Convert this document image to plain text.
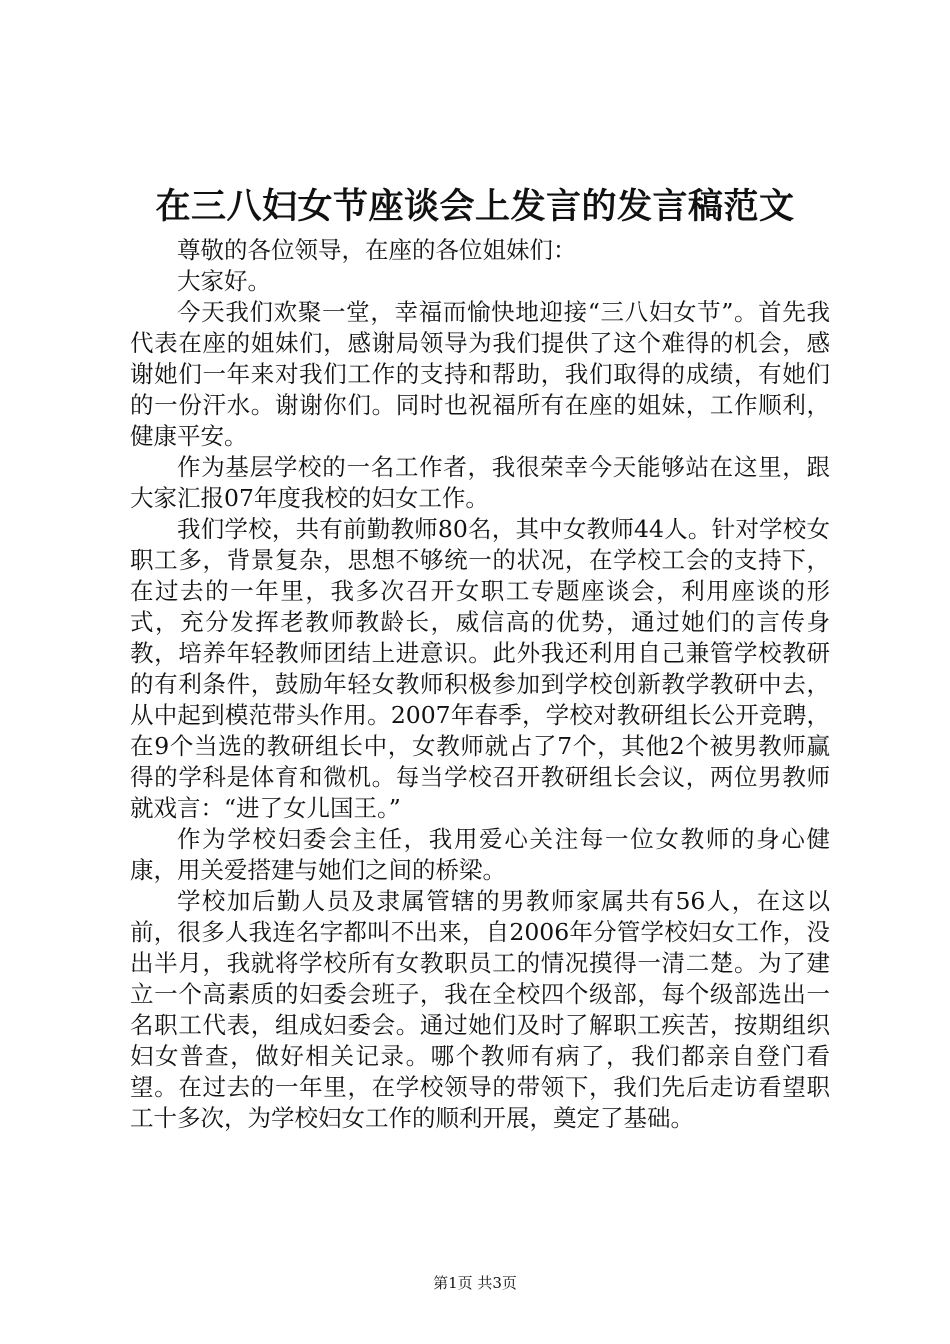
在三八妇女节座谈会上发言的发言稿范文

尊敬的各位领导，在座的各位姐妹们：

大家好。

今天我们欢聚一堂，幸福而愉快地迎接“三八妇女节”。首先我代表在座的姐妹们，感谢局领导为我们提供了这个难得的机会，感谢她们一年来对我们工作的支持和帮助，我们取得的成绩，有她们的一份汗水。谢谢你们。同时也祝福所有在座的姐妹，工作顺利，健康平安。

作为基层学校的一名工作者，我很荣幸今天能够站在这里，跟大家汇报07年度我校的妇女工作。

我们学校，共有前勤教师80名，其中女教师44人。针对学校女职工多，背景复杂，思想不够统一的状况，在学校工会的支持下，在过去的一年里，我多次召开女职工专题座谈会，利用座谈的形式，充分发挥老教师教龄长，威信高的优势，通过她们的言传身教，培养年轻教师团结上进意识。此外我还利用自己兼管学校教研的有利条件，鼓励年轻女教师积极参加到学校创新教学教研中去，从中起到模范带头作用。2007年春季，学校对教研组长公开竞聘，在9个当选的教研组长中，女教师就占了7个，其他2个被男教师赢得的学科是体育和微机。每当学校召开教研组长会议，两位男教师就戏言：“进了女儿国王。”

作为学校妇委会主任，我用爱心关注每一位女教师的身心健康，用关爱搭建与她们之间的桥梁。

学校加后勤人员及隶属管辖的男教师家属共有56人，在这以前，很多人我连名字都叫不出来，自2006年分管学校妇女工作，没出半月，我就将学校所有女教职员工的情况摸得一清二楚。为了建立一个高素质的妇委会班子，我在全校四个级部，每个级部选出一名职工代表，组成妇委会。通过她们及时了解职工疾苦，按期组织妇女普查，做好相关记录。哪个教师有病了，我们都亲自登门看望。在过去的一年里，在学校领导的带领下，我们先后走访看望职工十多次，为学校妇女工作的顺利开展，奠定了基础。

第1页 共3页
